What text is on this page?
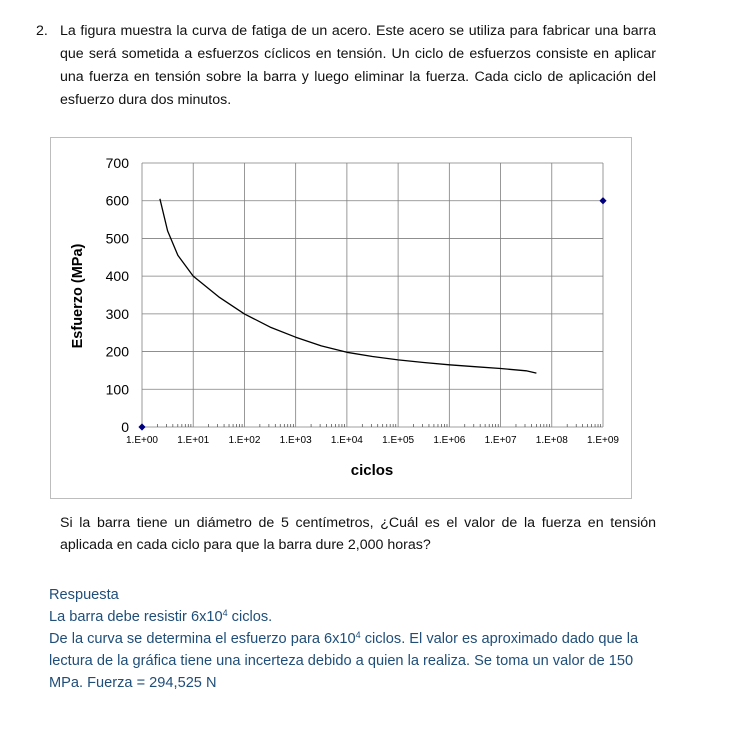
2. La figura muestra la curva de fatiga de un acero. Este acero se utiliza para fabricar una barra que será sometida a esfuerzos cíclicos en tensión. Un ciclo de esfuerzos consiste en aplicar una fuerza en tensión sobre la barra y luego eliminar la fuerza. Cada ciclo de aplicación del esfuerzo dura dos minutos.
1.E+00 1.E+01 1.E+02 1.E+03 1.E+04 1.E+05 1.E+06 1.E+07 1.E+08 1.E+09
0
100
200
300
400
500
600
700
ciclos
Esfuerzo (MPa)
Si la barra tiene un diámetro de 5 centímetros, ¿Cuál es el valor de la fuerza en tensión aplicada en cada ciclo para que la barra dure 2,000 horas?

Respuesta

La barra debe resistir $6x10^4$ ciclos.

De la curva se determina el esfuerzo para $6x10^4$ ciclos. El valor es aproximado dado que la lectura de la gráfica tiene una incerteza debido a quien la realiza. Se toma un valor de 150 MPa. Fuerza = 294,525 N
